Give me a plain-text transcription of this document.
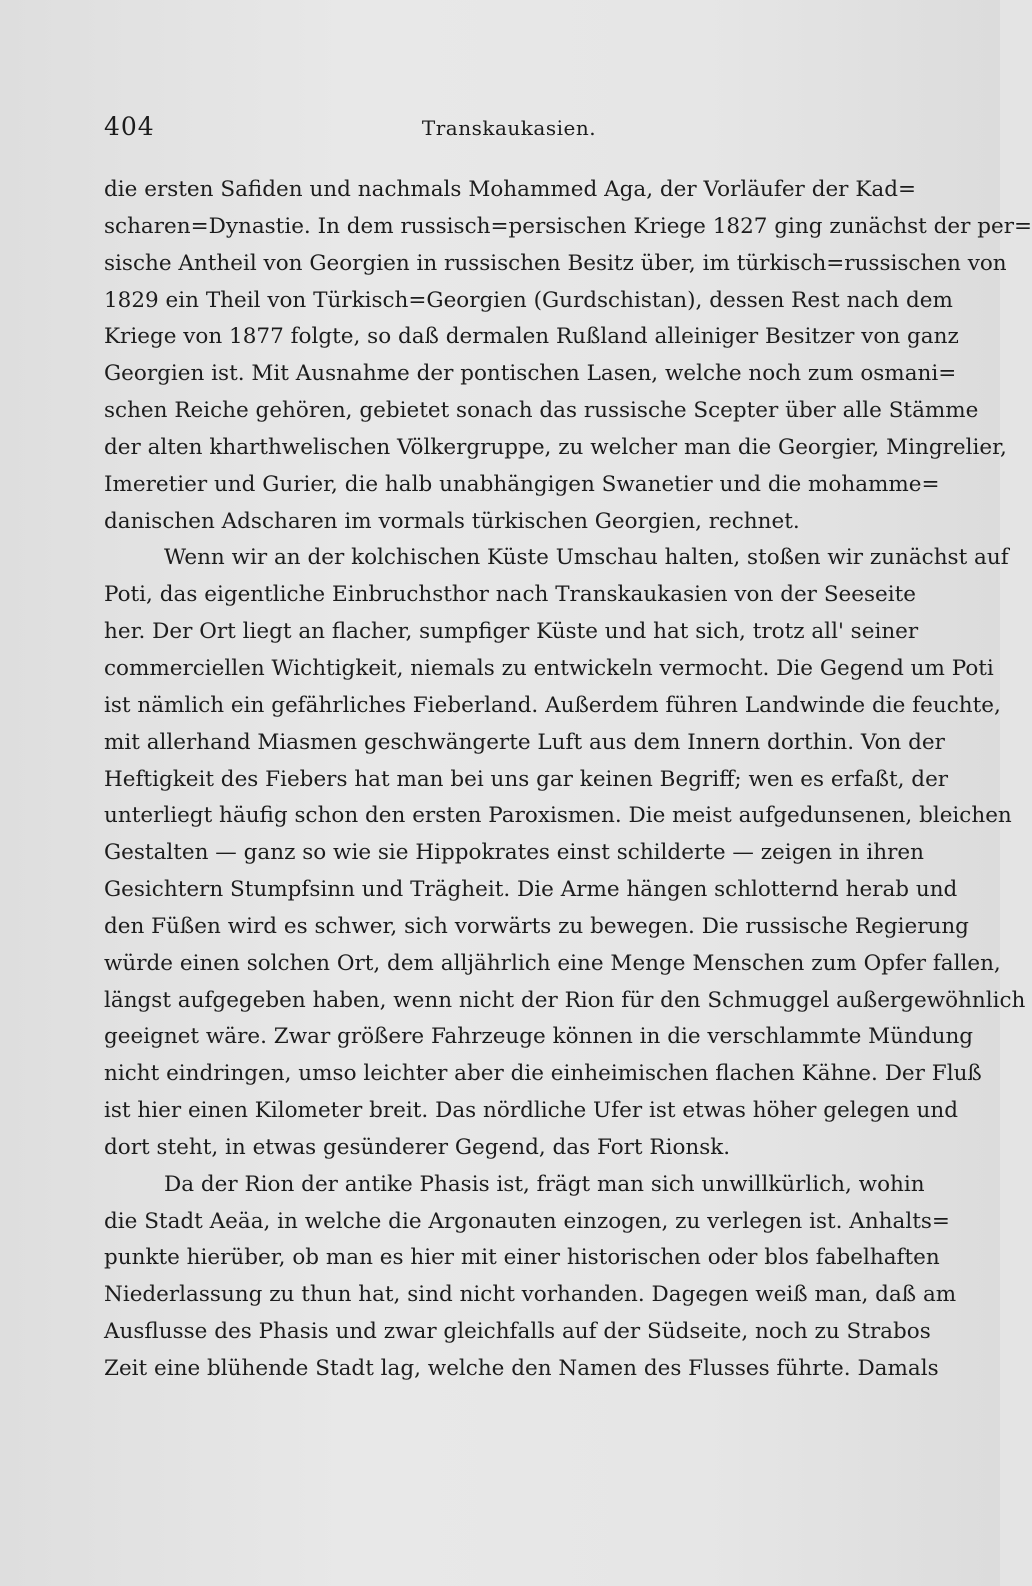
404	Transkaukasien.
die ersten Safiden und nachmals Mohammed Aga, der Vorläufer der Kad=
scharen=Dynastie. In dem russisch=persischen Kriege 1827 ging zunächst der per=
sische Antheil von Georgien in russischen Besitz über, im türkisch=russischen von
1829 ein Theil von Türkisch=Georgien (Gurdschistan), dessen Rest nach dem
Kriege von 1877 folgte, so daß dermalen Rußland alleiniger Besitzer von ganz
Georgien ist. Mit Ausnahme der pontischen Lasen, welche noch zum osmani=
schen Reiche gehören, gebietet sonach das russische Scepter über alle Stämme
der alten kharthwelischen Völkergruppe, zu welcher man die Georgier, Mingrelier,
Imeretier und Gurier, die halb unabhängigen Swanetier und die mohamme=
danischen Adscharen im vormals türkischen Georgien, rechnet.
Wenn wir an der kolchischen Küste Umschau halten, stoßen wir zunächst auf
Poti, das eigentliche Einbruchsthor nach Transkaukasien von der Seeseite
her. Der Ort liegt an flacher, sumpfiger Küste und hat sich, trotz all' seiner
commerciellen Wichtigkeit, niemals zu entwickeln vermocht. Die Gegend um Poti
ist nämlich ein gefährliches Fieberland. Außerdem führen Landwinde die feuchte,
mit allerhand Miasmen geschwängerte Luft aus dem Innern dorthin. Von der
Heftigkeit des Fiebers hat man bei uns gar keinen Begriff; wen es erfaßt, der
unterliegt häufig schon den ersten Paroxismen. Die meist aufgedunsenen, bleichen
Gestalten — ganz so wie sie Hippokrates einst schilderte — zeigen in ihren
Gesichtern Stumpfsinn und Trägheit. Die Arme hängen schlotternd herab und
den Füßen wird es schwer, sich vorwärts zu bewegen. Die russische Regierung
würde einen solchen Ort, dem alljährlich eine Menge Menschen zum Opfer fallen,
längst aufgegeben haben, wenn nicht der Rion für den Schmuggel außergewöhnlich
geeignet wäre. Zwar größere Fahrzeuge können in die verschlammte Mündung
nicht eindringen, umso leichter aber die einheimischen flachen Kähne. Der Fluß
ist hier einen Kilometer breit. Das nördliche Ufer ist etwas höher gelegen und
dort steht, in etwas gesünderer Gegend, das Fort Rionsk.
Da der Rion der antike Phasis ist, frägt man sich unwillkürlich, wohin
die Stadt Aeäa, in welche die Argonauten einzogen, zu verlegen ist. Anhalts=
punkte hierüber, ob man es hier mit einer historischen oder blos fabelhaften
Niederlassung zu thun hat, sind nicht vorhanden. Dagegen weiß man, daß am
Ausflusse des Phasis und zwar gleichfalls auf der Südseite, noch zu Strabos
Zeit eine blühende Stadt lag, welche den Namen des Flusses führte. Damals
